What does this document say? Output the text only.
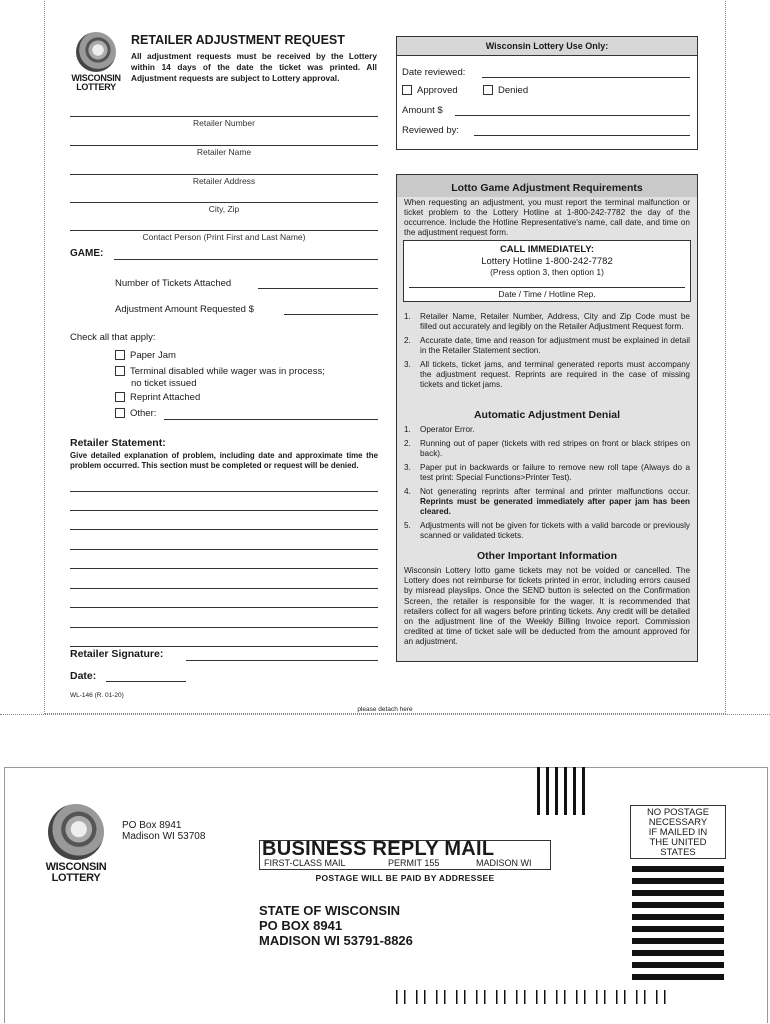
WISCONSIN
LOTTERY
RETAILER ADJUSTMENT REQUEST
All adjustment requests must be received by the Lottery within 14 days of the date the ticket was printed. All Adjustment requests are subject to Lottery approval.
Retailer Number
Retailer Name
Retailer Address
City, Zip
Contact Person (Print First and Last Name)
GAME:
Number of Tickets Attached
Adjustment Amount Requested $
Check all that apply:
Paper Jam
Terminal disabled while wager was in process;
no ticket issued
Reprint Attached
Other:
Retailer Statement:
Give detailed explanation of problem, including date and approximate time the problem occurred. This section must be completed or request will be denied.
Retailer Signature:
Date:
WL-146 (R. 01-20)
please detach here
Wisconsin Lottery Use Only:
Date reviewed:
Approved	Denied
Amount $
Reviewed by:
Lotto Game Adjustment Requirements
When requesting an adjustment, you must report the terminal malfunction or ticket problem to the Lottery Hotline at 1-800-242-7782 the day of the occurrence. Include the Hotline Representative's name, call date, and time on the adjustment request form.
CALL IMMEDIATELY:
Lottery Hotline 1-800-242-7782
(Press option 3, then option 1)
Date / Time / Hotline Rep.
1. Retailer Name, Retailer Number, Address, City and Zip Code must be filled out accurately and legibly on the Retailer Adjustment Request form.
2. Accurate date, time and reason for adjustment must be explained in detail in the Retailer Statement section.
3. All tickets, ticket jams, and terminal generated reports must accompany the adjustment request. Reprints are required in the case of missing tickets and ticket jams.
Automatic Adjustment Denial
1. Operator Error.
2. Running out of paper (tickets with red stripes on front or black stripes on back).
3. Paper put in backwards or failure to remove new roll tape (Always do a test print: Special Functions>Printer Test).
4. Not generating reprints after terminal and printer malfunctions occur. Reprints must be generated immediately after paper jam has been cleared.
5. Adjustments will not be given for tickets with a valid barcode or previously scanned or validated tickets.
Other Important Information
Wisconsin Lottery lotto game tickets may not be voided or cancelled. The Lottery does not reimburse for tickets printed in error, including errors caused by misread playslips. Once the SEND button is selected on the Confirmation Screen, the retailer is responsible for the wager. It is recommended that retailers collect for all wagers before printing tickets. Any credit will be detailed on the adjustment line of the Weekly Billing Invoice report. Commission credited at time of ticket sale will be deducted from the amount approved for an adjustment.
WISCONSIN
LOTTERY
PO Box 8941
Madison WI 53708
NO POSTAGE
NECESSARY
IF MAILED IN
THE UNITED
STATES
BUSINESS REPLY MAIL
FIRST-CLASS MAIL	PERMIT 155	MADISON WI
POSTAGE WILL BE PAID BY ADDRESSEE
STATE OF WISCONSIN
PO BOX 8941
MADISON WI 53791-8826
